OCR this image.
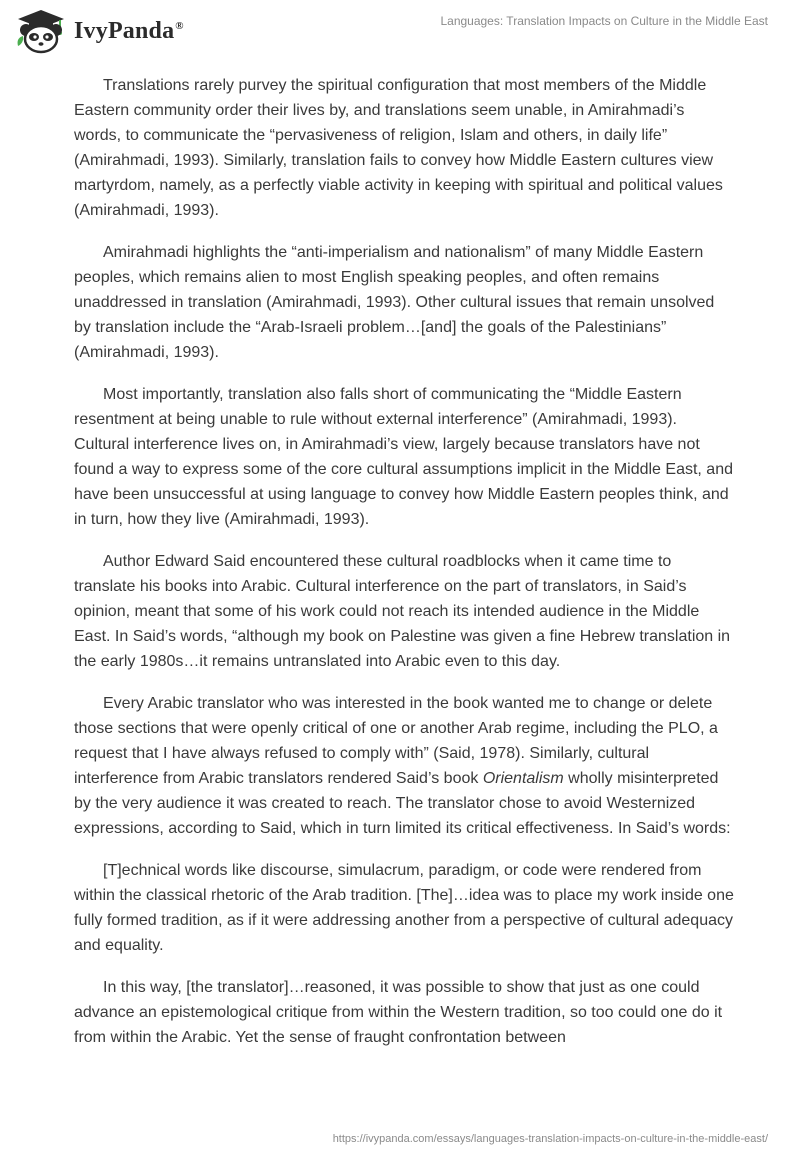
IvyPanda®	Languages: Translation Impacts on Culture in the Middle East

Translations rarely purvey the spiritual configuration that most members of the Middle Eastern community order their lives by, and translations seem unable, in Amirahmadi’s words, to communicate the “pervasiveness of religion, Islam and others, in daily life” (Amirahmadi, 1993). Similarly, translation fails to convey how Middle Eastern cultures view martyrdom, namely, as a perfectly viable activity in keeping with spiritual and political values (Amirahmadi, 1993).

Amirahmadi highlights the “anti-imperialism and nationalism” of many Middle Eastern peoples, which remains alien to most English speaking peoples, and often remains unaddressed in translation (Amirahmadi, 1993). Other cultural issues that remain unsolved by translation include the “Arab-Israeli problem…[and] the goals of the Palestinians” (Amirahmadi, 1993).

Most importantly, translation also falls short of communicating the “Middle Eastern resentment at being unable to rule without external interference” (Amirahmadi, 1993). Cultural interference lives on, in Amirahmadi’s view, largely because translators have not found a way to express some of the core cultural assumptions implicit in the Middle East, and have been unsuccessful at using language to convey how Middle Eastern peoples think, and in turn, how they live (Amirahmadi, 1993).

Author Edward Said encountered these cultural roadblocks when it came time to translate his books into Arabic. Cultural interference on the part of translators, in Said’s opinion, meant that some of his work could not reach its intended audience in the Middle East. In Said’s words, “although my book on Palestine was given a fine Hebrew translation in the early 1980s…it remains untranslated into Arabic even to this day.

Every Arabic translator who was interested in the book wanted me to change or delete those sections that were openly critical of one or another Arab regime, including the PLO, a request that I have always refused to comply with” (Said, 1978). Similarly, cultural interference from Arabic translators rendered Said’s book Orientalism wholly misinterpreted by the very audience it was created to reach. The translator chose to avoid Westernized expressions, according to Said, which in turn limited its critical effectiveness. In Said’s words:

[T]echnical words like discourse, simulacrum, paradigm, or code were rendered from within the classical rhetoric of the Arab tradition. [The]…idea was to place my work inside one fully formed tradition, as if it were addressing another from a perspective of cultural adequacy and equality.

In this way, [the translator]…reasoned, it was possible to show that just as one could advance an epistemological critique from within the Western tradition, so too could one do it from within the Arabic. Yet the sense of fraught confrontation between

https://ivypanda.com/essays/languages-translation-impacts-on-culture-in-the-middle-east/
